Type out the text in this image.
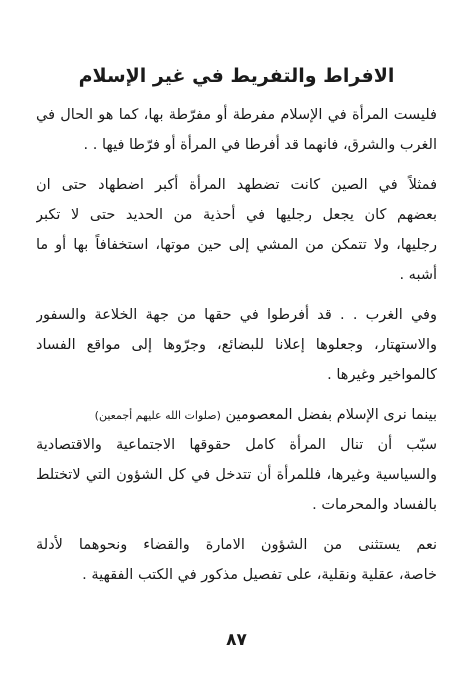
الافراط والتفريط في غير الإسلام
فليست المرأة في الإسلام مفرطة أو مفرّطة بها، كما هو الحال في
الغرب والشرق، فانهما قد أفرطا في المرأة أو فرّطا فيها . .
فمثلاً في الصين كانت تضطهد المرأة أكبر اضطهاد حتى ان
بعضهم كان يجعل رجليها في أحذية من الحديد حتى لا تكبر
رجليها، ولا تتمكن من المشي إلى حين موتها، استخفافاً بها أو ما
أشبه .
وفي الغرب . . قد أفرطوا في حقها من جهة الخلاعة والسفور
والاستهتار، وجعلوها إعلانا للبضائع، وجرّوها إلى مواقع الفساد
كالمواخير وغيرها .
بينما نرى الإسلام بفضل المعصومين (صلوات الله عليهم أجمعين)
سبّب أن تنال المرأة كامل حقوقها الاجتماعية والاقتصادية
والسياسية وغيرها، فللمرأة أن تتدخل في كل الشؤون التي لاتختلط
بالفساد والمحرمات .
نعم يستثنى من الشؤون الامارة والقضاء ونحوهما لأدلة
خاصة، عقلية ونقلية، على تفصيل مذكور في الكتب الفقهية .
٨٧
